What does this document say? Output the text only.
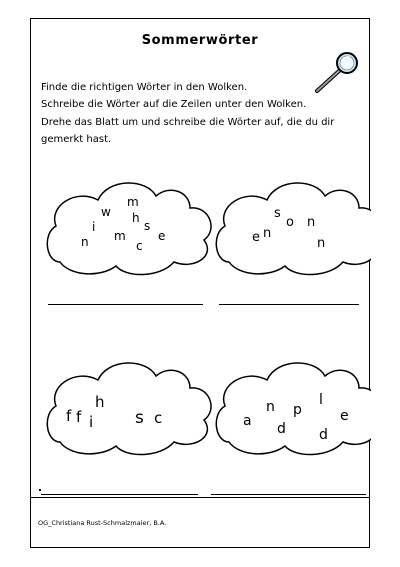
Sommerwörter
Finde die richtigen Wörter in den Wolken.
Schreibe die Wörter auf die Zeilen unter den Wolken.
Drehe das Blatt um und schreibe die Wörter auf, die du dir
gemerkt hast.
m
w h
i	s
e
m
n	c
s
o n
e n
n
h
f f i s c
l
n p
a	e
d d
OG_Christiana Rust-Schmalzmaier, B.A.
